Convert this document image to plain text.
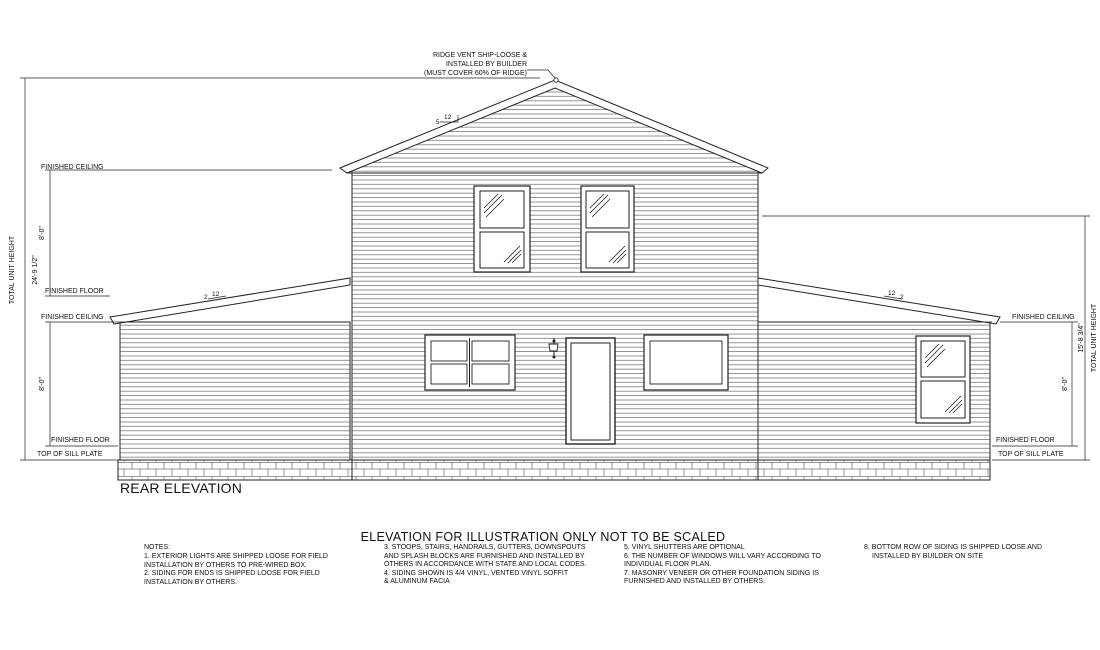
RIDGE VENT SHIP-LOOSE &
INSTALLED BY BUILDER
(MUST COVER 60% OF RIDGE)
12
5
2 12	12
2
FINISHED CEILING
FINISHED FLOOR
FINISHED CEILING
FINISHED FLOOR
TOP OF SILL PLATE
FINISHED CEILING
FINISHED FLOOR
TOP OF SILL PLATE
TOTAL UNIT HEIGHT 24'-9 1/2"
8'-0"
8'-0"
TOTAL UNIT HEIGHT
15'-8 3/4"
8'-0"
REAR ELEVATION
ELEVATION FOR ILLUSTRATION ONLY NOT TO BE SCALED
NOTES:
1. EXTERIOR LIGHTS ARE SHIPPED LOOSE FOR FIELD
INSTALLATION BY OTHERS TO PRE-WIRED BOX.
2. SIDING FOR ENDS IS SHIPPED LOOSE FOR FIELD
INSTALLATION BY OTHERS.
3. STOOPS, STAIRS, HANDRAILS, GUTTERS, DOWNSPOUTS
AND SPLASH BLOCKS ARE FURNISHED AND INSTALLED BY
OTHERS IN ACCORDANCE WITH STATE AND LOCAL CODES.
4. SIDING SHOWN IS 4/4 VINYL, VENTED VINYL SOFFIT
& ALUMINUM FACIA
5. VINYL SHUTTERS ARE OPTIONAL
6. THE NUMBER OF WINDOWS WILL VARY ACCORDING TO
INDIVIDUAL FLOOR PLAN.
7. MASONRY VENEER OR OTHER FOUNDATION SIDING IS
FURNISHED AND INSTALLED BY OTHERS.
8. BOTTOM ROW OF SIDING IS SHIPPED LOOSE AND
INSTALLED BY BUILDER ON SITE
